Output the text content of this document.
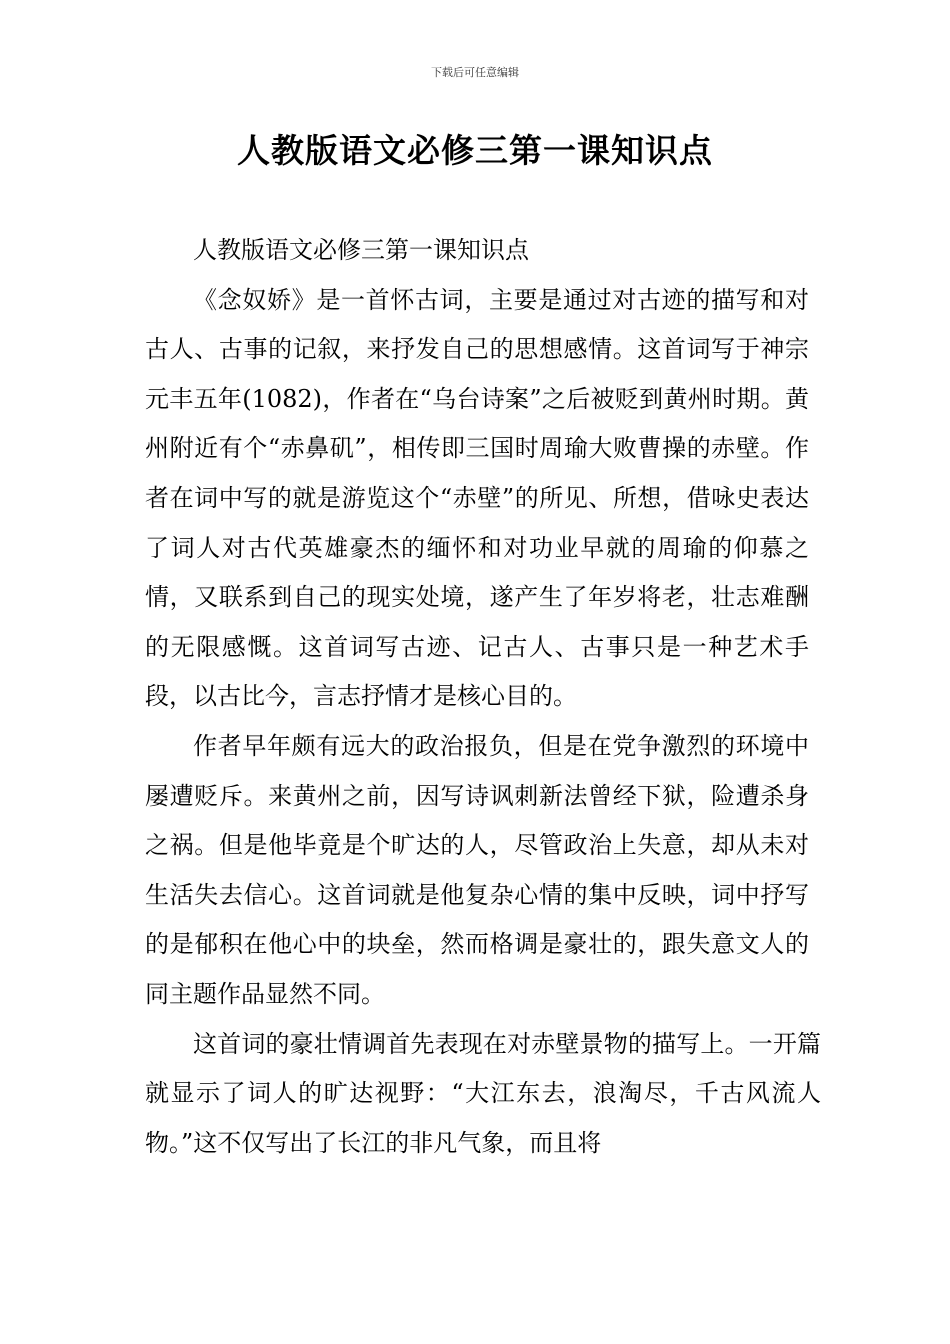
下载后可任意编辑
人教版语文必修三第一课知识点

人教版语文必修三第一课知识点

《念奴娇》是一首怀古词，主要是通过对古迹的描写和对古人、古事的记叙，来抒发自己的思想感情。这首词写于神宗元丰五年(1082)，作者在“乌台诗案”之后被贬到黄州时期。黄州附近有个“赤鼻矶”，相传即三国时周瑜大败曹操的赤壁。作者在词中写的就是游览这个“赤壁”的所见、所想，借咏史表达了词人对古代英雄豪杰的缅怀和对功业早就的周瑜的仰慕之情，又联系到自己的现实处境，遂产生了年岁将老，壮志难酬的无限感慨。这首词写古迹、记古人、古事只是一种艺术手段，以古比今，言志抒情才是核心目的。

作者早年颇有远大的政治报负，但是在党争激烈的环境中屡遭贬斥。来黄州之前，因写诗讽刺新法曾经下狱，险遭杀身之祸。但是他毕竟是个旷达的人，尽管政治上失意，却从未对生活失去信心。这首词就是他复杂心情的集中反映，词中抒写的是郁积在他心中的块垒，然而格调是豪壮的，跟失意文人的同主题作品显然不同。

这首词的豪壮情调首先表现在对赤壁景物的描写上。一开篇就显示了词人的旷达视野：“大江东去，浪淘尽，千古风流人物。”这不仅写出了长江的非凡气象，而且将
